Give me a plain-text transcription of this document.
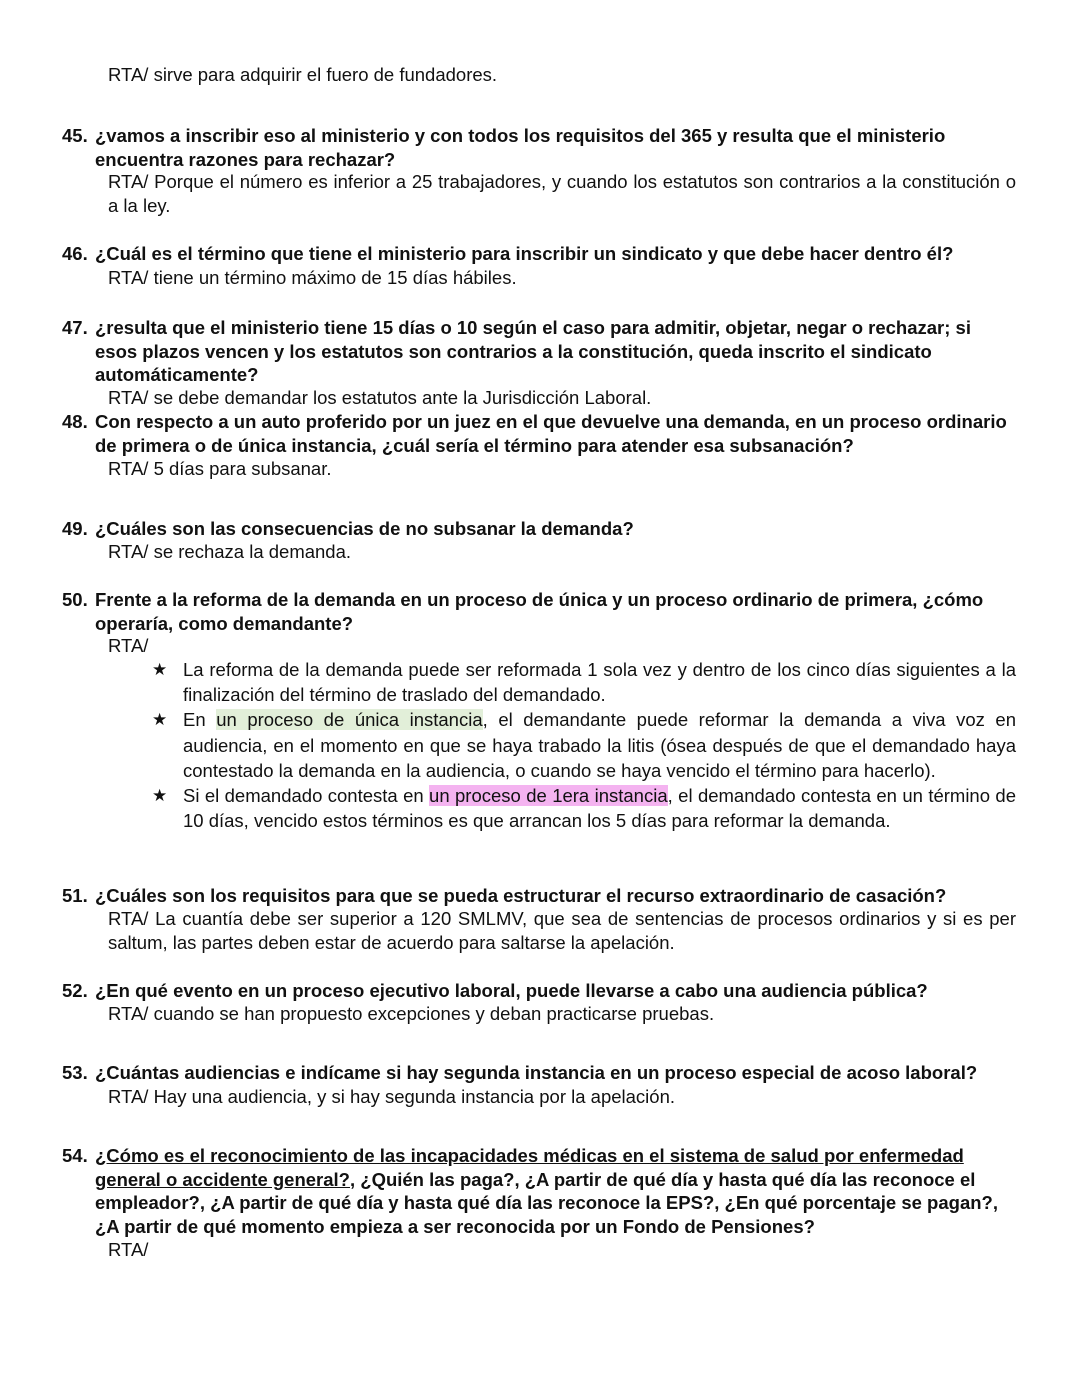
RTA/ sirve para adquirir el fuero de fundadores.
45. ¿vamos a inscribir eso al ministerio y con todos los requisitos del 365 y resulta que el ministerio encuentra razones para rechazar?
RTA/ Porque el número es inferior a 25 trabajadores, y cuando los estatutos son contrarios a la constitución o a la ley.
46. ¿Cuál es el término que tiene el ministerio para inscribir un sindicato y que debe hacer dentro él?
RTA/ tiene un término máximo de 15 días hábiles.
47. ¿resulta que el ministerio tiene 15 días o 10 según el caso para admitir, objetar, negar o rechazar; si esos plazos vencen y los estatutos son contrarios a la constitución, queda inscrito el sindicato automáticamente?
RTA/ se debe demandar los estatutos ante la Jurisdicción Laboral.
48. Con respecto a un auto proferido por un juez en el que devuelve una demanda, en un proceso ordinario de primera o de única instancia, ¿cuál sería el término para atender esa subsanación?
RTA/ 5 días para subsanar.
49. ¿Cuáles son las consecuencias de no subsanar la demanda?
RTA/ se rechaza la demanda.
50. Frente a la reforma de la demanda en un proceso de única y un proceso ordinario de primera, ¿cómo operaría, como demandante?
RTA/
★ La reforma de la demanda puede ser reformada 1 sola vez y dentro de los cinco días siguientes a la finalización del término de traslado del demandado.
★ En un proceso de única instancia, el demandante puede reformar la demanda a viva voz en audiencia, en el momento en que se haya trabado la litis (ósea después de que el demandado haya contestado la demanda en la audiencia, o cuando se haya vencido el término para hacerlo).
★ Si el demandado contesta en un proceso de 1era instancia, el demandado contesta en un término de 10 días, vencido estos términos es que arrancan los 5 días para reformar la demanda.
51. ¿Cuáles son los requisitos para que se pueda estructurar el recurso extraordinario de casación?
RTA/ La cuantía debe ser superior a 120 SMLMV, que sea de sentencias de procesos ordinarios y si es per saltum, las partes deben estar de acuerdo para saltarse la apelación.
52. ¿En qué evento en un proceso ejecutivo laboral, puede llevarse a cabo una audiencia pública?
RTA/ cuando se han propuesto excepciones y deban practicarse pruebas.
53. ¿Cuántas audiencias e indícame si hay segunda instancia en un proceso especial de acoso laboral?
RTA/ Hay una audiencia, y si hay segunda instancia por la apelación.
54. ¿Cómo es el reconocimiento de las incapacidades médicas en el sistema de salud por enfermedad general o accidente general?, ¿Quién las paga?, ¿A partir de qué día y hasta qué día las reconoce el empleador?, ¿A partir de qué día y hasta qué día las reconoce la EPS?, ¿En qué porcentaje se pagan?, ¿A partir de qué momento empieza a ser reconocida por un Fondo de Pensiones?
RTA/
